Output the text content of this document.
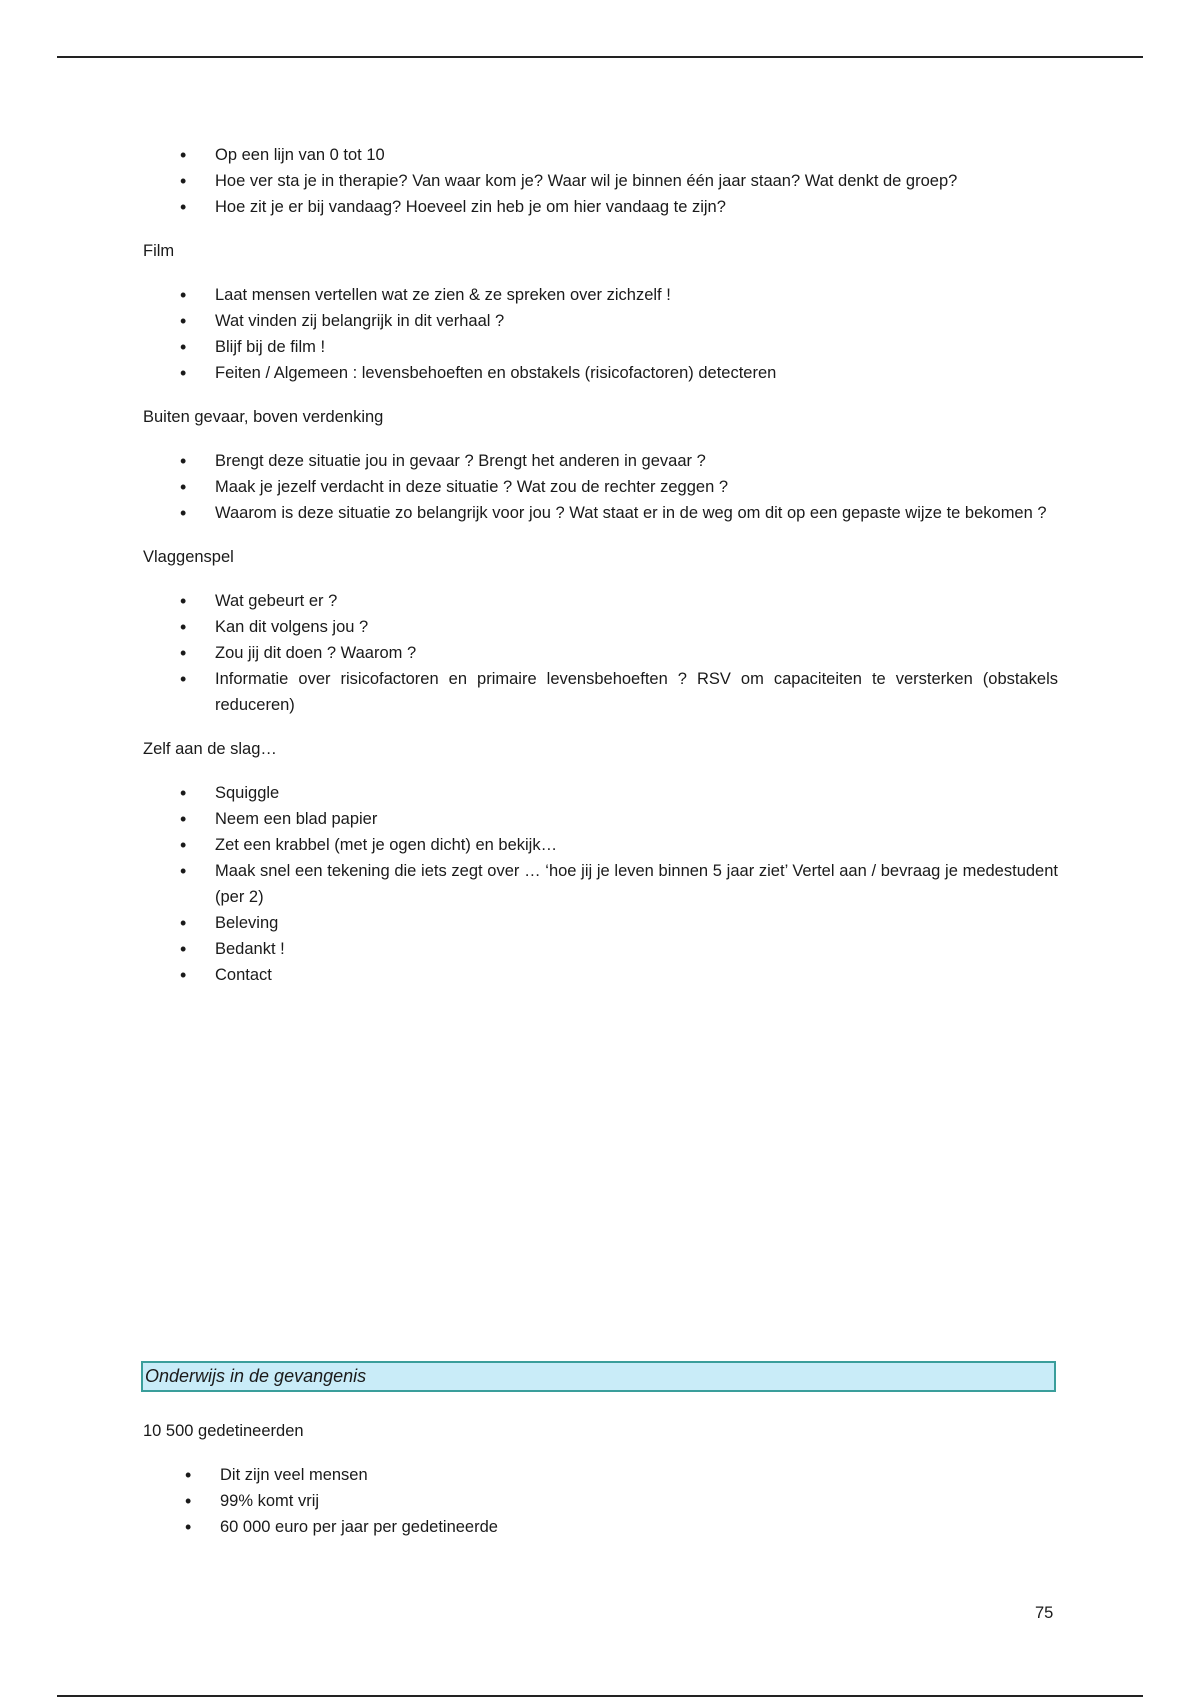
• Op een lijn van 0 tot 10
• Hoe ver sta je in therapie? Van waar kom je? Waar wil je binnen één jaar staan? Wat denkt de groep?
• Hoe zit je er bij vandaag? Hoeveel zin heb je om hier vandaag te zijn?
Film
• Laat mensen vertellen wat ze zien & ze spreken over zichzelf !
• Wat vinden zij belangrijk in dit verhaal ?
• Blijf bij de film !
• Feiten / Algemeen : levensbehoeften en obstakels (risicofactoren) detecteren
Buiten gevaar, boven verdenking
• Brengt deze situatie jou in gevaar ? Brengt het anderen in gevaar ?
• Maak je jezelf verdacht in deze situatie ? Wat zou de rechter zeggen ?
• Waarom is deze situatie zo belangrijk voor jou ? Wat staat er in de weg om dit op een gepaste wijze te bekomen ?
Vlaggenspel
• Wat gebeurt er ?
• Kan dit volgens jou ?
• Zou jij dit doen ? Waarom ?
• Informatie over risicofactoren en primaire levensbehoeften ? RSV om capaciteiten te versterken (obstakels reduceren)
Zelf aan de slag…
• Squiggle
• Neem een blad papier
• Zet een krabbel (met je ogen dicht) en bekijk…
• Maak snel een tekening die iets zegt over … ‘hoe jij je leven binnen 5 jaar ziet’ Vertel aan / bevraag je medestudent (per 2)
• Beleving
• Bedankt !
• Contact
Onderwijs in de gevangenis
10 500 gedetineerden
• Dit zijn veel mensen
• 99% komt vrij
• 60 000 euro per jaar per gedetineerde
75
